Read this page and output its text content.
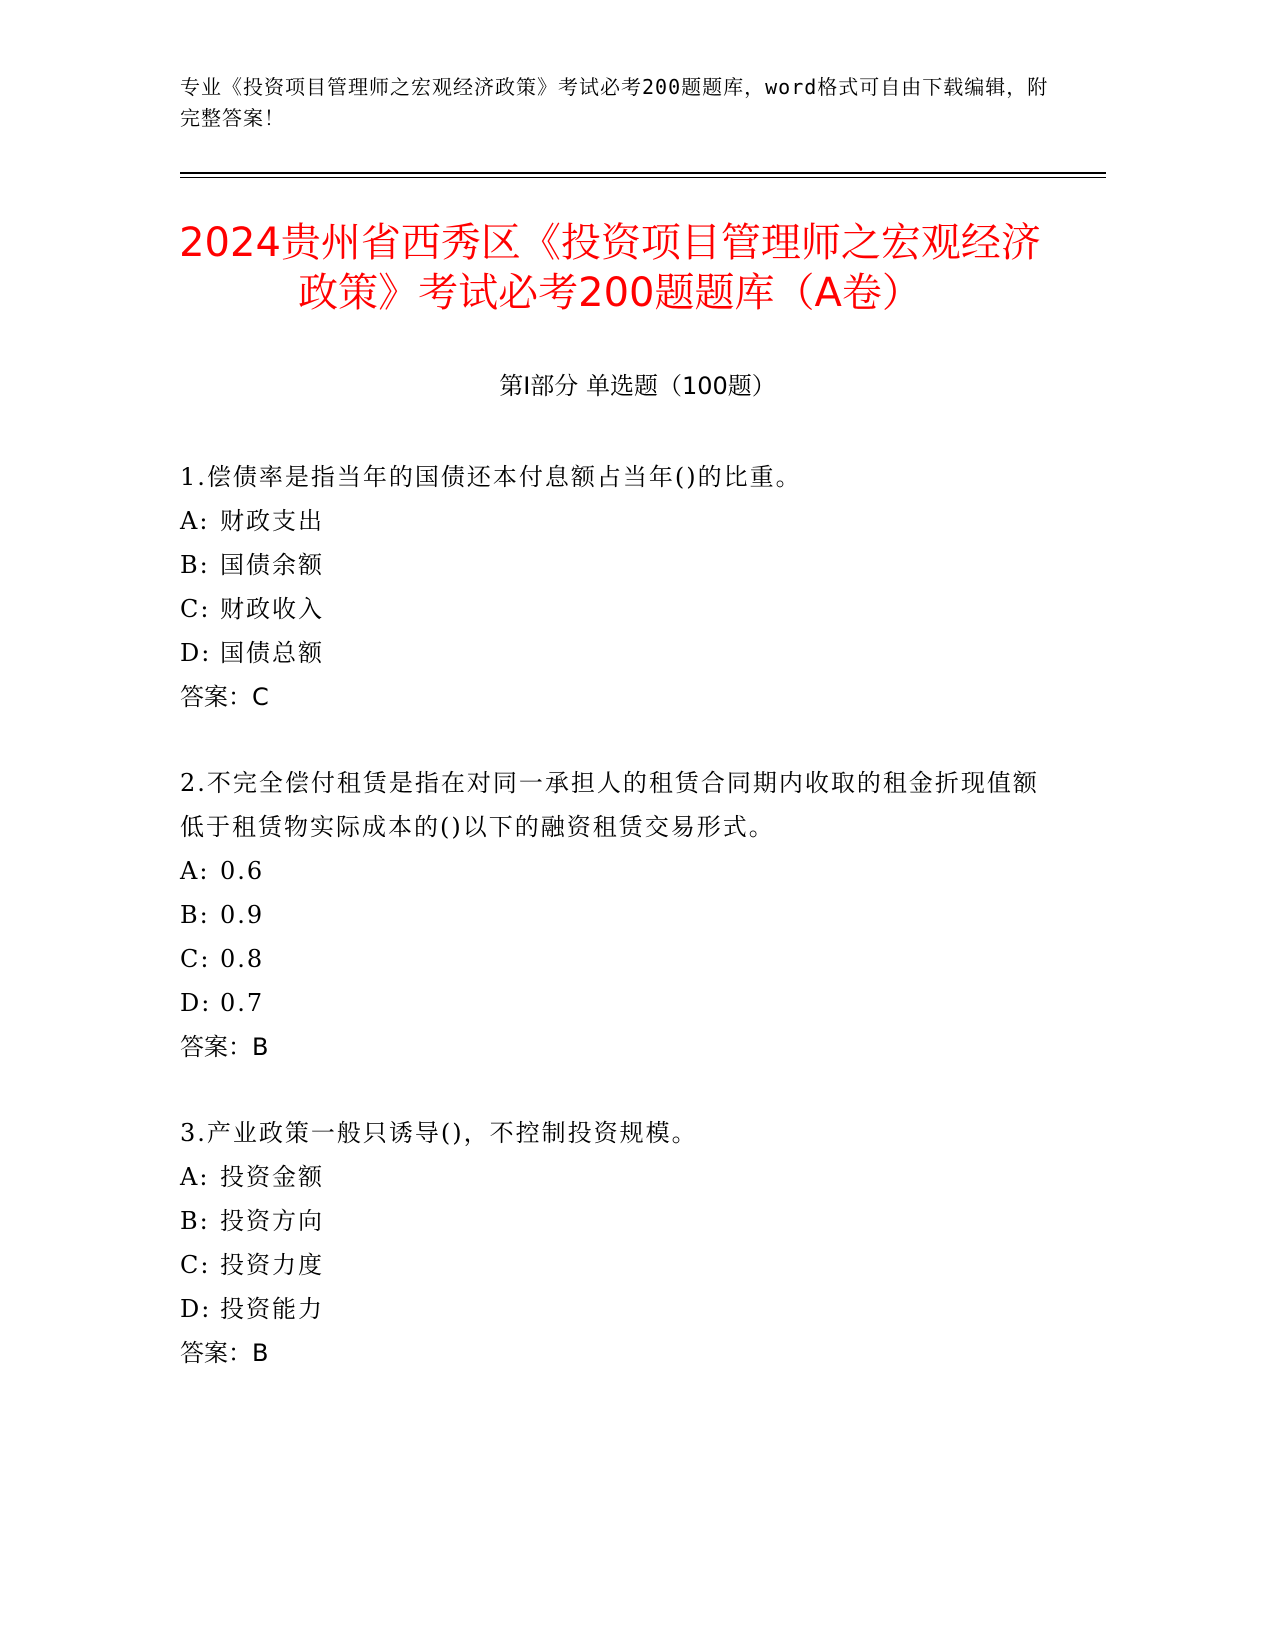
专业《投资项目管理师之宏观经济政策》考试必考200题题库，word格式可自由下载编辑，附完整答案！
2024贵州省西秀区《投资项目管理师之宏观经济政策》考试必考200题题库（A卷）
第I部分 单选题（100题）
1.偿债率是指当年的国债还本付息额占当年()的比重。
A: 财政支出
B: 国债余额
C: 财政收入
D: 国债总额
答案：C
2.不完全偿付租赁是指在对同一承担人的租赁合同期内收取的租金折现值额低于租赁物实际成本的()以下的融资租赁交易形式。
A: 0.6
B: 0.9
C: 0.8
D: 0.7
答案：B
3.产业政策一般只诱导()，不控制投资规模。
A: 投资金额
B: 投资方向
C: 投资力度
D: 投资能力
答案：B
